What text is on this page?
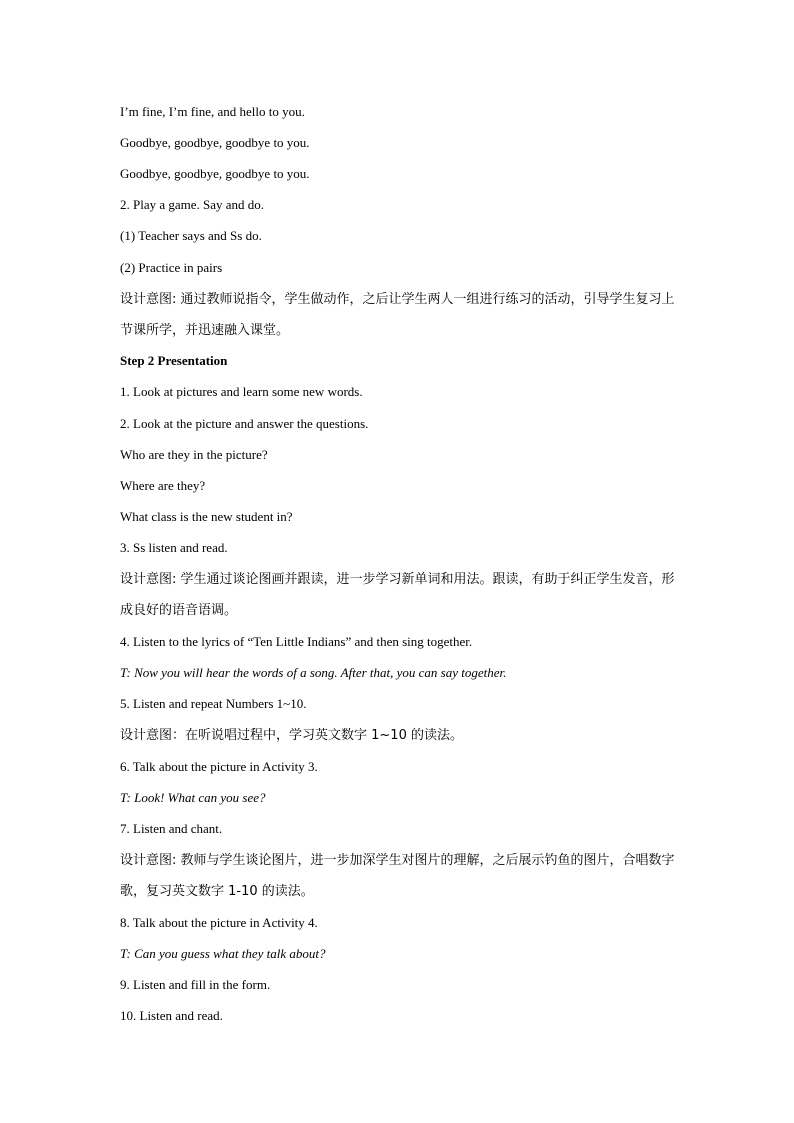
I’m fine, I’m fine, and hello to you.
Goodbye, goodbye, goodbye to you.
Goodbye, goodbye, goodbye to you.
2. Play a game. Say and do.
(1) Teacher says and Ss do.
(2) Practice in pairs
设计意图: 通过教师说指令，学生做动作，之后让学生两人一组进行练习的活动，引导学生复习上节课所学，并迅速融入课堂。
Step 2 Presentation
1. Look at pictures and learn some new words.
2. Look at the picture and answer the questions.
Who are they in the picture?
Where are they?
What class is the new student in?
3. Ss listen and read.
设计意图: 学生通过谈论图画并跟读，进一步学习新单词和用法。跟读，有助于纠正学生发音，形成良好的语音语调。
4. Listen to the lyrics of “Ten Little Indians” and then sing together.
T: Now you will hear the words of a song. After that, you can say together.
5. Listen and repeat Numbers 1~10.
设计意图：在听说唱过程中，学习英文数字 1~10 的读法。
6. Talk about the picture in Activity 3.
T: Look! What can you see?
7. Listen and chant.
设计意图: 教师与学生谈论图片，进一步加深学生对图片的理解，之后展示钓鱼的图片，合唱数字歌，复习英文数字 1-10 的读法。
8. Talk about the picture in Activity 4.
T: Can you guess what they talk about?
9. Listen and fill in the form.
10. Listen and read.
